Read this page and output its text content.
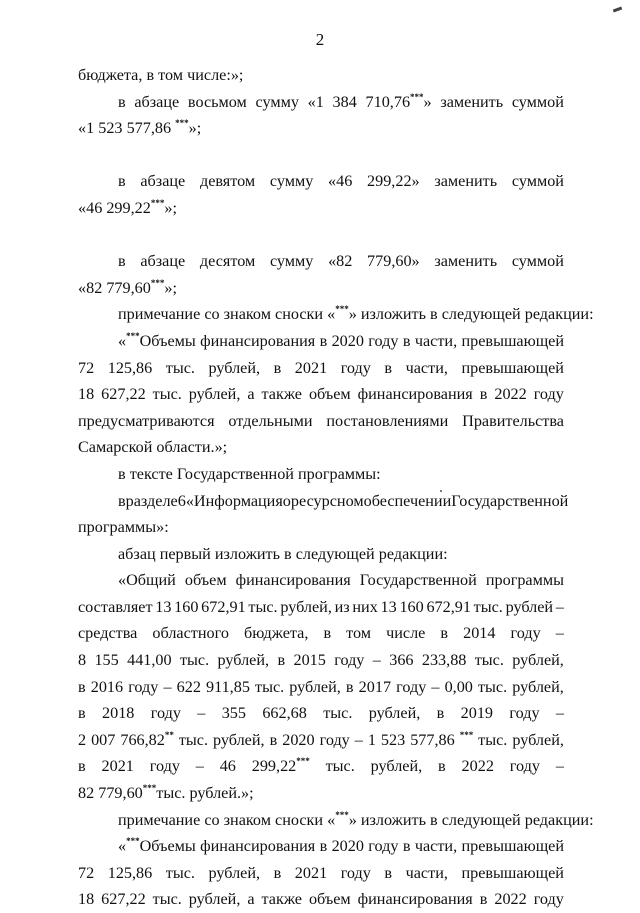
2
бюджета, в том числе:»;
в абзаце восьмом сумму «1 384 710,76***» заменить суммой
«1 523 577,86 ***»;
в абзаце девятом сумму «46 299,22» заменить суммой
«46 299,22***»;
в абзаце десятом сумму «82 779,60» заменить суммой
«82 779,60***»;
примечание со знаком сноски «***» изложить в следующей редакции:
«***Объемы финансирования в 2020 году в части, превышающей
72 125,86 тыс. рублей, в 2021 году в части, превышающей
18 627,22 тыс. рублей, а также объем финансирования в 2022 году
предусматриваются отдельными постановлениями Правительства
Самарской области.»;
в тексте Государственной программы:
в разделе 6 «Информация о ресурсном обеспечении Государственной
программы»:
абзац первый изложить в следующей редакции:
«Общий объем финансирования Государственной программы
составляет 13 160 672,91 тыс. рублей, из них 13 160 672,91 тыс. рублей –
средства областного бюджета, в том числе в 2014 году –
8 155 441,00 тыс. рублей, в 2015 году – 366 233,88 тыс. рублей,
в 2016 году – 622 911,85 тыс. рублей, в 2017 году – 0,00 тыс. рублей,
в 2018 году – 355 662,68 тыс. рублей, в 2019 году –
2 007 766,82** тыс. рублей, в 2020 году – 1 523 577,86 *** тыс. рублей,
в 2021 году – 46 299,22*** тыс. рублей, в 2022 году –
82 779,60***тыс. рублей.»;
примечание со знаком сноски «***» изложить в следующей редакции:
«***Объемы финансирования в 2020 году в части, превышающей
72 125,86 тыс. рублей, в 2021 году в части, превышающей
18 627,22 тыс. рублей, а также объем финансирования в 2022 году
